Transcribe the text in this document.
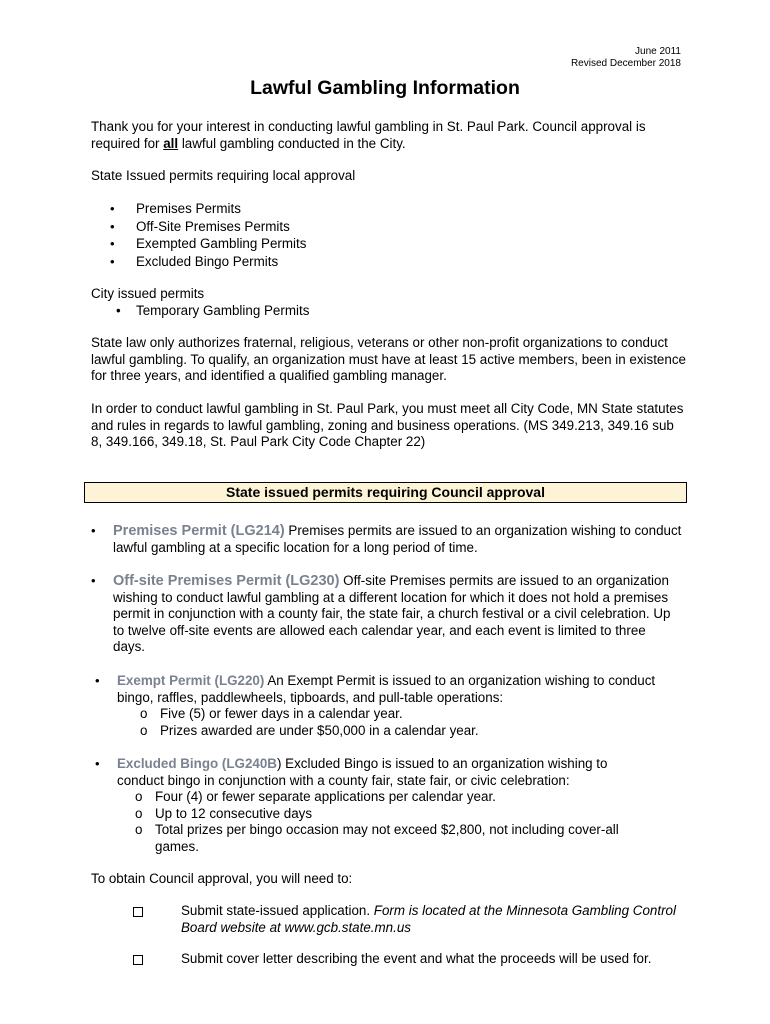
June 2011
Revised December 2018
Lawful Gambling Information
Thank you for your interest in conducting lawful gambling in St. Paul Park. Council approval is required for all lawful gambling conducted in the City.
State Issued permits requiring local approval
• Premises Permits
• Off-Site Premises Permits
• Exempted Gambling Permits
• Excluded Bingo Permits
City issued permits
• Temporary Gambling Permits
State law only authorizes fraternal, religious, veterans or other non-profit organizations to conduct lawful gambling. To qualify, an organization must have at least 15 active members, been in existence for three years, and identified a qualified gambling manager.
In order to conduct lawful gambling in St. Paul Park, you must meet all City Code, MN State statutes and rules in regards to lawful gambling, zoning and business operations. (MS 349.213, 349.16 sub 8, 349.166, 349.18, St. Paul Park City Code Chapter 22)
State issued permits requiring Council approval
• Premises Permit (LG214) Premises permits are issued to an organization wishing to conduct lawful gambling at a specific location for a long period of time.
• Off-site Premises Permit (LG230) Off-site Premises permits are issued to an organization wishing to conduct lawful gambling at a different location for which it does not hold a premises permit in conjunction with a county fair, the state fair, a church festival or a civil celebration. Up to twelve off-site events are allowed each calendar year, and each event is limited to three days.
• Exempt Permit (LG220) An Exempt Permit is issued to an organization wishing to conduct bingo, raffles, paddlewheels, tipboards, and pull-table operations:
o Five (5) or fewer days in a calendar year.
o Prizes awarded are under $50,000 in a calendar year.
• Excluded Bingo (LG240B) Excluded Bingo is issued to an organization wishing to conduct bingo in conjunction with a county fair, state fair, or civic celebration:
o Four (4) or fewer separate applications per calendar year.
o Up to 12 consecutive days
o Total prizes per bingo occasion may not exceed $2,800, not including cover-all
games.
To obtain Council approval, you will need to:
Submit state-issued application. Form is located at the Minnesota Gambling Control Board website at www.gcb.state.mn.us
Submit cover letter describing the event and what the proceeds will be used for.
